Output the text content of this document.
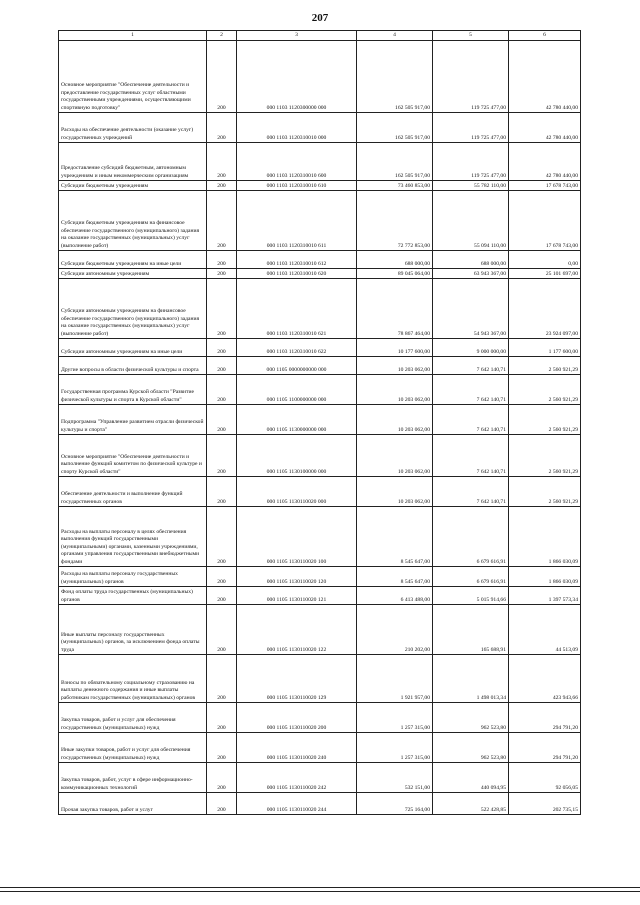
207
1	2	3	4	5	6
Основное мероприятие "Обеспечение деятельности и предоставление государственных услуг областными государственными учреждениями, осуществляющими спортивную подготовку"	200	000 1103 1120300000 000	162 505 917,00	119 725 477,00	42 780 440,00
Расходы на обеспечение деятельности (оказание услуг) государственных учреждений	200	000 1103 1120310010 000	162 505 917,00	119 725 477,00	42 780 440,00
Предоставление субсидий бюджетным, автономным учреждениям и иным некоммерческим организациям	200	000 1103 1120310010 600	162 505 917,00	119 725 477,00	42 780 440,00
Субсидии бюджетным учреждениям	200	000 1103 1120310010 610	73 460 853,00	55 782 110,00	17 678 743,00
Субсидии бюджетным учреждениям на финансовое обеспечение государственного (муниципального) задания на оказание государственных (муниципальных) услуг (выполнение работ)	200	000 1103 1120310010 611	72 772 853,00	55 094 110,00	17 678 743,00
Субсидии бюджетным учреждениям на иные цели	200	000 1103 1120310010 612	688 000,00	688 000,00	0,00
Субсидии автономным учреждениям	200	000 1103 1120310010 620	89 045 064,00	63 943 367,00	25 101 697,00
Субсидии автономным учреждениям на финансовое обеспечение государственного (муниципального) задания на оказание государственных (муниципальных) услуг (выполнение работ)	200	000 1103 1120310010 621	78 867 464,00	54 943 367,00	23 924 097,00
Субсидии автономным учреждениям на иные цели	200	000 1103 1120310010 622	10 177 600,00	9 000 000,00	1 177 600,00
Другие вопросы в области физической культуры и спорта	200	000 1105 0000000000 000	10 203 062,00	7 642 140,71	2 560 921,29
Государственная программа Курской области "Развитие физической культуры и спорта в Курской области"	200	000 1105 1100000000 000	10 203 062,00	7 642 140,71	2 560 921,29
Подпрограмма "Управление развитием отрасли физической культуры и спорта"	200	000 1105 1130000000 000	10 203 062,00	7 642 140,71	2 560 921,29
Основное мероприятие "Обеспечение деятельности и выполнение функций комитетом по физической культуре и спорту Курской области"	200	000 1105 1130100000 000	10 203 062,00	7 642 140,71	2 560 921,29
Обеспечение деятельности и выполнение функций государственных органов	200	000 1105 1130110020 000	10 203 062,00	7 642 140,71	2 560 921,29
Расходы на выплаты персоналу в целях обеспечения выполнения функций государственными (муниципальными) органами, казенными учреждениями, органами управления государственными внебюджетными фондами	200	000 1105 1130110020 100	8 545 647,00	6 679 616,91	1 866 030,09
Расходы на выплаты персоналу государственных (муниципальных) органов	200	000 1105 1130110020 120	8 545 647,00	6 679 616,91	1 866 030,09
Фонд оплаты труда государственных (муниципальных) органов	200	000 1105 1130110020 121	6 413 488,00	5 015 914,66	1 397 573,34
Иные выплаты персоналу государственных (муниципальных) органов, за исключением фонда оплаты труда	200	000 1105 1130110020 122	210 202,00	165 688,91	44 513,09
Взносы по обязательному социальному страхованию на выплаты денежного содержания и иные выплаты работникам государственных (муниципальных) органов	200	000 1105 1130110020 129	1 921 957,00	1 498 013,34	423 943,66
Закупка товаров, работ и услуг для обеспечения государственных (муниципальных) нужд	200	000 1105 1130110020 200	1 257 315,00	962 523,80	294 791,20
Иные закупки товаров, работ и услуг для обеспечения государственных (муниципальных) нужд	200	000 1105 1130110020 240	1 257 315,00	962 523,80	294 791,20
Закупка товаров, работ, услуг в сфере информационно-коммуникационных технологий	200	000 1105 1130110020 242	532 151,00	440 094,95	92 056,05
Прочая закупка товаров, работ и услуг	200	000 1105 1130110020 244	725 164,00	522 428,85	202 735,15
